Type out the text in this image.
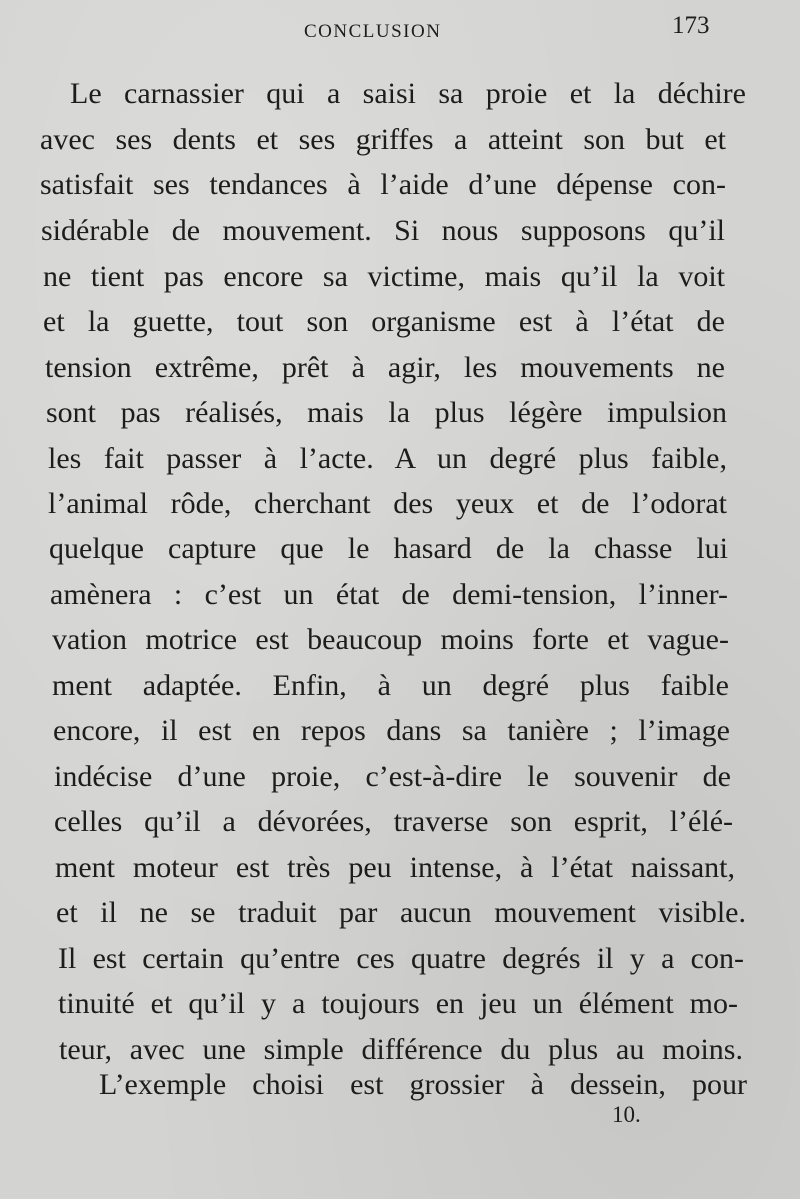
CONCLUSION	173
Le carnassier qui a saisi sa proie et la déchire
avec ses dents et ses griffes a atteint son but et
satisfait ses tendances à l’aide d’une dépense con-
sidérable de mouvement. Si nous supposons qu’il
ne tient pas encore sa victime, mais qu’il la voit
et la guette, tout son organisme est à l’état de
tension extrême, prêt à agir, les mouvements ne
sont pas réalisés, mais la plus légère impulsion
les fait passer à l’acte. A un degré plus faible,
l’animal rôde, cherchant des yeux et de l’odorat
quelque capture que le hasard de la chasse lui
amènera : c’est un état de demi-tension, l’inner-
vation motrice est beaucoup moins forte et vague-
ment adaptée. Enfin, à un degré plus faible
encore, il est en repos dans sa tanière ; l’image
indécise d’une proie, c’est-à-dire le souvenir de
celles qu’il a dévorées, traverse son esprit, l’élé-
ment moteur est très peu intense, à l’état naissant,
et il ne se traduit par aucun mouvement visible.
Il est certain qu’entre ces quatre degrés il y a con-
tinuité et qu’il y a toujours en jeu un élément mo-
teur, avec une simple différence du plus au moins.
L’exemple choisi est grossier à dessein, pour
10.
